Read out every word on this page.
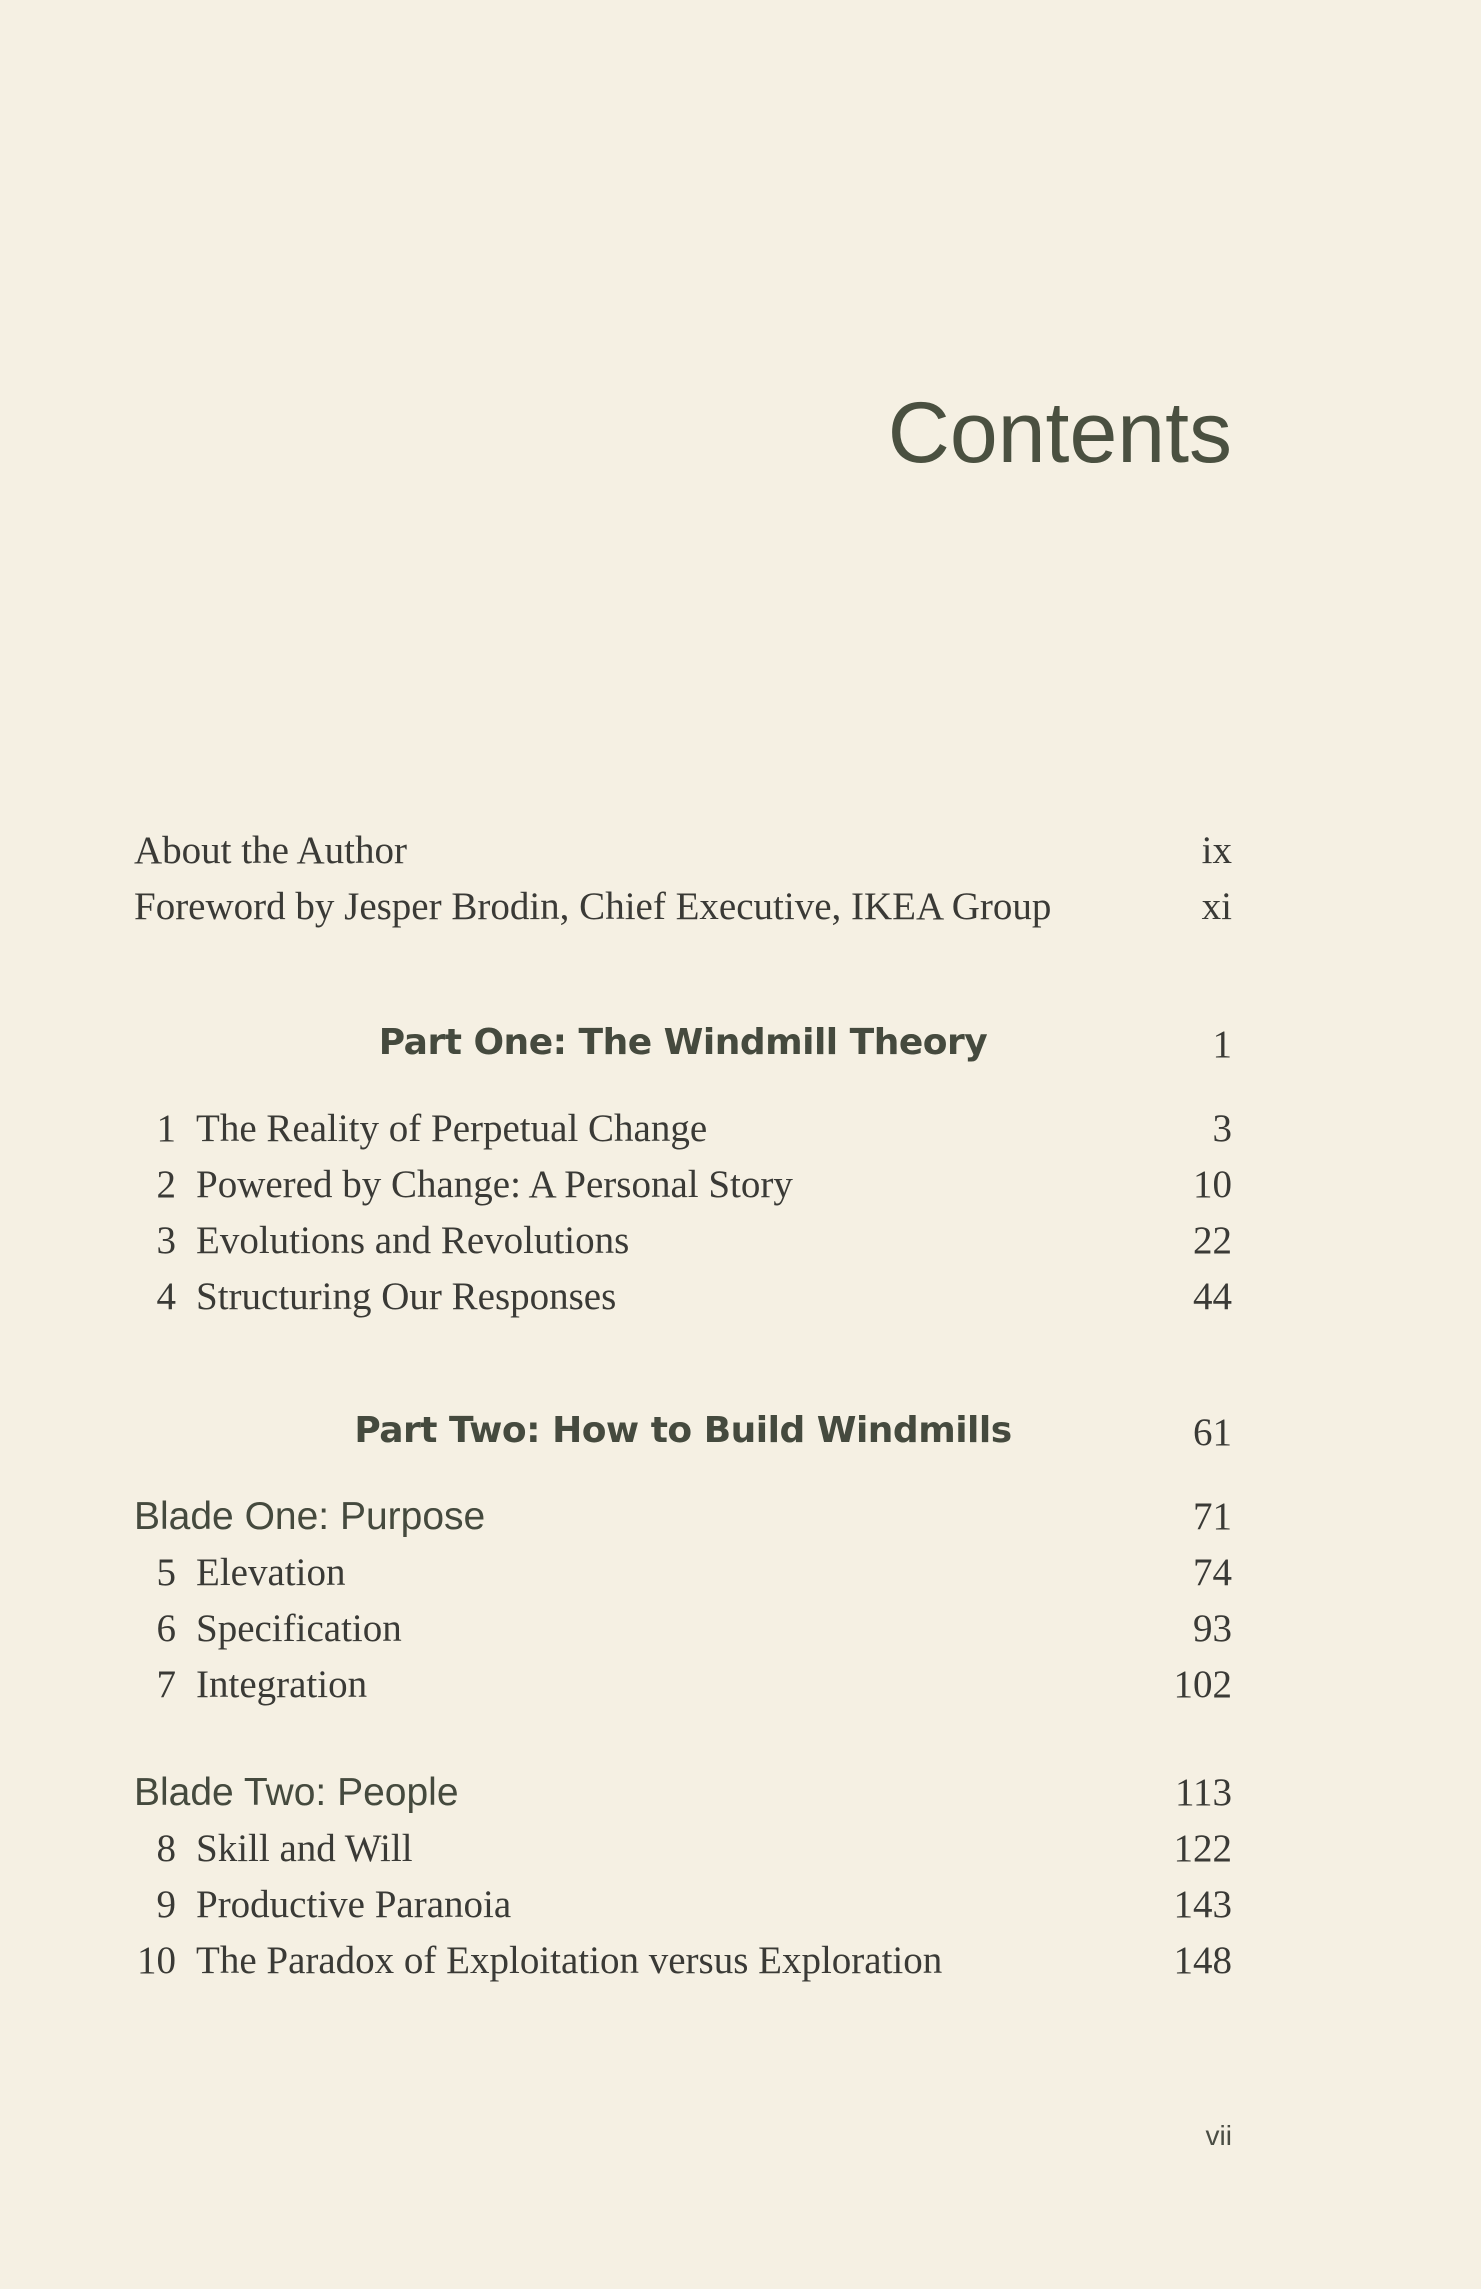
Contents
About the Author	ix
Foreword by Jesper Brodin, Chief Executive, IKEA Group	xi
Part One: The Windmill Theory	1
1 The Reality of Perpetual Change	3
2 Powered by Change: A Personal Story	10
3 Evolutions and Revolutions	22
4 Structuring Our Responses	44
Part Two: How to Build Windmills	61
Blade One: Purpose	71
5 Elevation	74
6 Specification	93
7 Integration	102
Blade Two: People	113
8 Skill and Will	122
9 Productive Paranoia	143
10 The Paradox of Exploitation versus Exploration	148
vii
